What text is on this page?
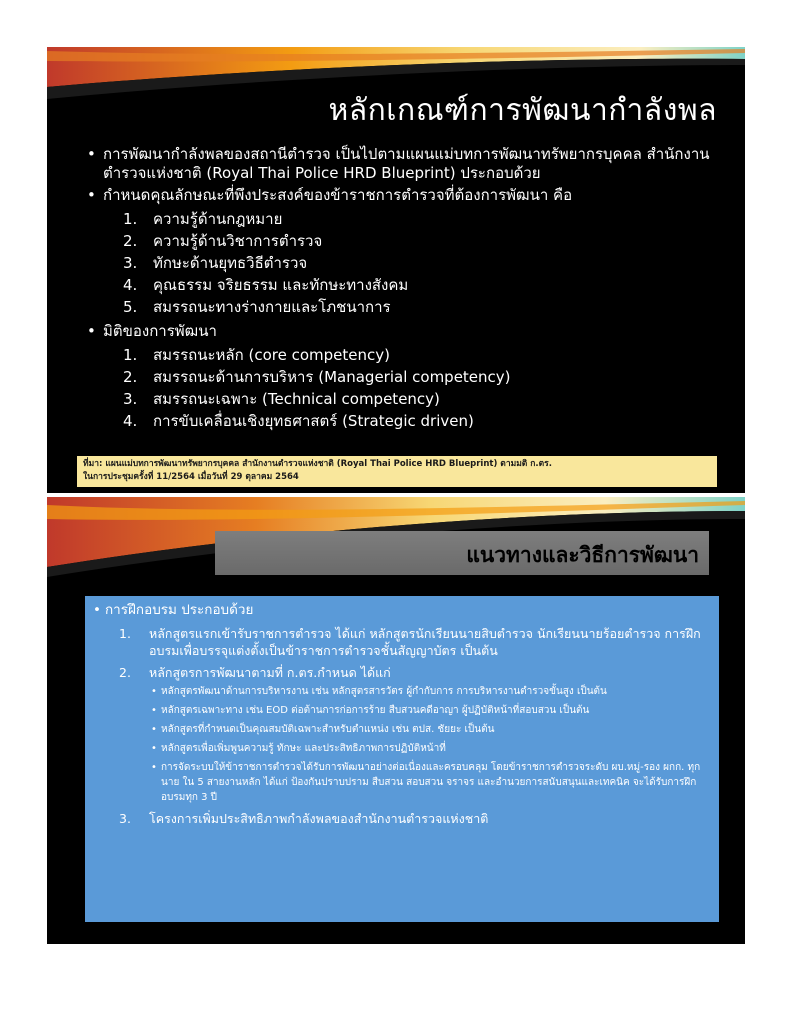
หลักเกณฑ์การพัฒนากำลังพล
• การพัฒนากำลังพลของสถานีตำรวจ เป็นไปตามแผนแม่บทการพัฒนาทรัพยากรบุคคล สำนักงานตำรวจแห่งชาติ (Royal Thai Police HRD Blueprint) ประกอบด้วย
• กำหนดคุณลักษณะที่พึงประสงค์ของข้าราชการตำรวจที่ต้องการพัฒนา คือ
1.	ความรู้ด้านกฎหมาย
2.	ความรู้ด้านวิชาการตำรวจ
3.	ทักษะด้านยุทธวิธีตำรวจ
4.	คุณธรรม จริยธรรม และทักษะทางสังคม
5.	สมรรถนะทางร่างกายและโภชนาการ
• มิติของการพัฒนา
1.	สมรรถนะหลัก (core competency)
2.	สมรรถนะด้านการบริหาร (Managerial competency)
3.	สมรรถนะเฉพาะ (Technical competency)
4.	การขับเคลื่อนเชิงยุทธศาสตร์ (Strategic driven)
ที่มา: แผนแม่บทการพัฒนาทรัพยากรบุคคล สำนักงานตำรวจแห่งชาติ (Royal Thai Police HRD Blueprint) ตามมติ ก.ตร.
ในการประชุมครั้งที่ 11/2564 เมื่อวันที่ 29 ตุลาคม 2564
แนวทางและวิธีการพัฒนา
• การฝึกอบรม ประกอบด้วย
1.	หลักสูตรแรกเข้ารับราชการตำรวจ ได้แก่ หลักสูตรนักเรียนนายสิบตำรวจ นักเรียนนายร้อยตำรวจ การฝึกอบรมเพื่อบรรจุแต่งตั้งเป็นข้าราชการตำรวจชั้นสัญญาบัตร เป็นต้น
2.	หลักสูตรการพัฒนาตามที่ ก.ตร.กำหนด ได้แก่
• หลักสูตรพัฒนาด้านการบริหารงาน เช่น หลักสูตรสารวัตร ผู้กำกับการ การบริหารงานตำรวจขั้นสูง เป็นต้น
• หลักสูตรเฉพาะทาง เช่น EOD ต่อต้านการก่อการร้าย สืบสวนคดีอาญา ผู้ปฏิบัติหน้าที่สอบสวน เป็นต้น
• หลักสูตรที่กำหนดเป็นคุณสมบัติเฉพาะสำหรับตำแหน่ง เช่น ตปส. ชัยยะ เป็นต้น
• หลักสูตรเพื่อเพิ่มพูนความรู้ ทักษะ และประสิทธิภาพการปฏิบัติหน้าที่
• การจัดระบบให้ข้าราชการตำรวจได้รับการพัฒนาอย่างต่อเนื่องและครอบคลุม โดยข้าราชการตำรวจระดับ ผบ.หมู่-รอง ผกก. ทุกนาย ใน 5 สายงานหลัก ได้แก่ ป้องกันปราบปราม สืบสวน สอบสวน จราจร และอำนวยการสนับสนุนและเทคนิค จะได้รับการฝึกอบรมทุก 3 ปี
3.	โครงการเพิ่มประสิทธิภาพกำลังพลของสำนักงานตำรวจแห่งชาติ
